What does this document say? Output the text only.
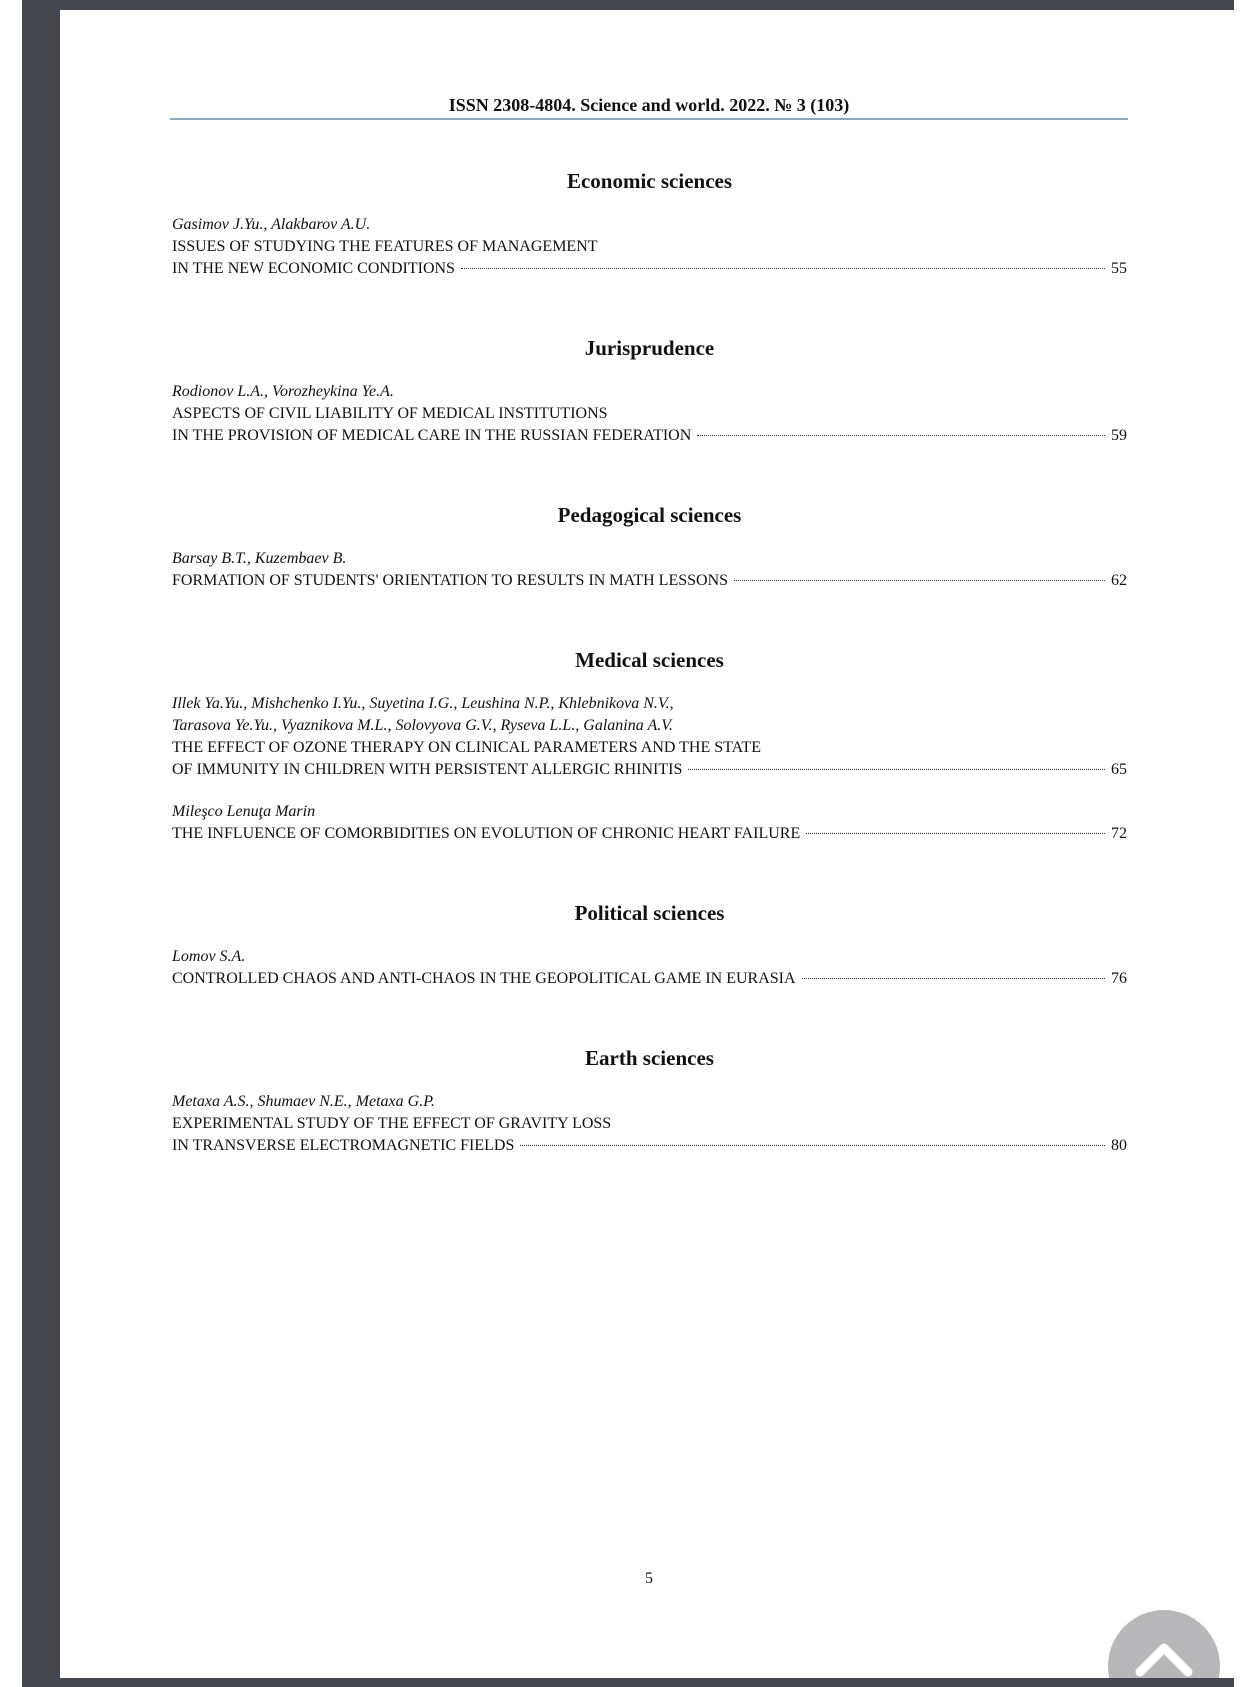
ISSN 2308-4804. Science and world. 2022. № 3 (103)
Economic sciences
Gasimov J.Yu., Alakbarov A.U.
ISSUES OF STUDYING THE FEATURES OF MANAGEMENT
IN THE NEW ECONOMIC CONDITIONS	55
Jurisprudence
Rodionov L.A., Vorozheykina Ye.A.
ASPECTS OF CIVIL LIABILITY OF MEDICAL INSTITUTIONS
IN THE PROVISION OF MEDICAL CARE IN THE RUSSIAN FEDERATION	59
Pedagogical sciences
Barsay B.T., Kuzembaev B.
FORMATION OF STUDENTS' ORIENTATION TO RESULTS IN MATH LESSONS	62
Medical sciences
Illek Ya.Yu., Mishchenko I.Yu., Suyetina I.G., Leushina N.P., Khlebnikova N.V.,
Tarasova Ye.Yu., Vyaznikova M.L., Solovyova G.V., Ryseva L.L., Galanina A.V.
THE EFFECT OF OZONE THERAPY ON CLINICAL PARAMETERS AND THE STATE
OF IMMUNITY IN CHILDREN WITH PERSISTENT ALLERGIC RHINITIS	65
Mileşco Lenuţa Marin
THE INFLUENCE OF COMORBIDITIES ON EVOLUTION OF CHRONIC HEART FAILURE	72
Political sciences
Lomov S.A.
CONTROLLED CHAOS AND ANTI-CHAOS IN THE GEOPOLITICAL GAME IN EURASIA	76
Earth sciences
Metaxa A.S., Shumaev N.E., Metaxa G.P.
EXPERIMENTAL STUDY OF THE EFFECT OF GRAVITY LOSS
IN TRANSVERSE ELECTROMAGNETIC FIELDS	80
5
